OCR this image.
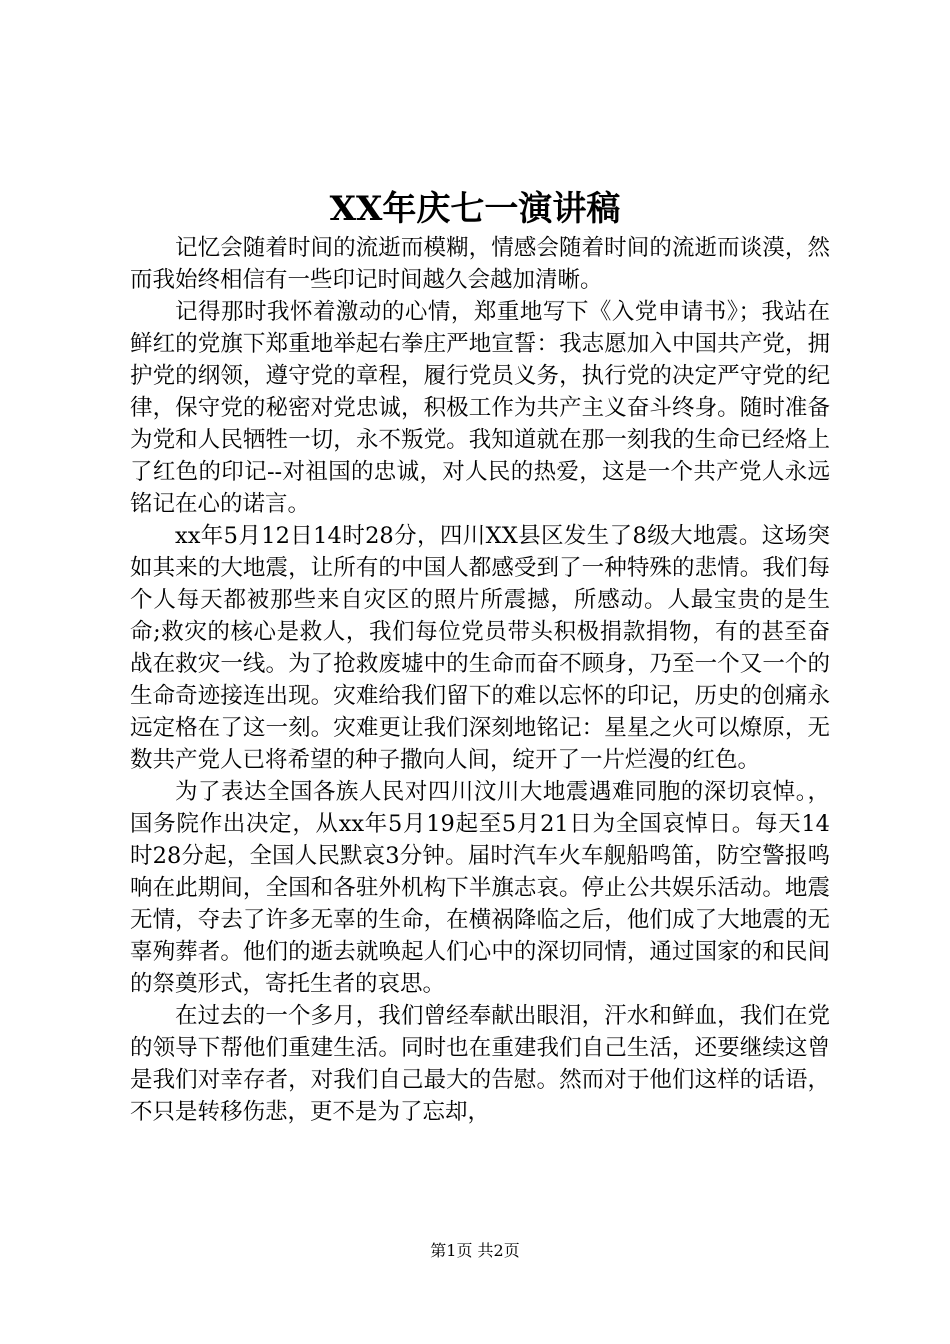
XX年庆七一演讲稿

记忆会随着时间的流逝而模糊，情感会随着时间的流逝而谈漠，然而我始终相信有一些印记时间越久会越加清晰。

记得那时我怀着激动的心情，郑重地写下《入党申请书》；我站在鲜红的党旗下郑重地举起右拳庄严地宣誓：我志愿加入中国共产党，拥护党的纲领，遵守党的章程，履行党员义务，执行党的决定严守党的纪律，保守党的秘密对党忠诚，积极工作为共产主义奋斗终身。随时准备为党和人民牺牲一切，永不叛党。我知道就在那一刻我的生命已经烙上了红色的印记--对祖国的忠诚，对人民的热爱，这是一个共产党人永远铭记在心的诺言。

xx年5月12日14时28分，四川XX县区发生了8级大地震。这场突如其来的大地震，让所有的中国人都感受到了一种特殊的悲情。我们每个人每天都被那些来自灾区的照片所震撼，所感动。人最宝贵的是生命;救灾的核心是救人，我们每位党员带头积极捐款捐物，有的甚至奋战在救灾一线。为了抢救废墟中的生命而奋不顾身，乃至一个又一个的生命奇迹接连出现。灾难给我们留下的难以忘怀的印记，历史的创痛永远定格在了这一刻。灾难更让我们深刻地铭记：星星之火可以燎原，无数共产党人已将希望的种子撒向人间，绽开了一片烂漫的红色。

为了表达全国各族人民对四川汶川大地震遇难同胞的深切哀悼。，国务院作出决定，从xx年5月19起至5月21日为全国哀悼日。每天14时28分起，全国人民默哀3分钟。届时汽车火车舰船鸣笛，防空警报鸣响在此期间，全国和各驻外机构下半旗志哀。停止公共娱乐活动。地震无情，夺去了许多无辜的生命，在横祸降临之后，他们成了大地震的无辜殉葬者。他们的逝去就唤起人们心中的深切同情，通过国家的和民间的祭奠形式，寄托生者的哀思。

在过去的一个多月，我们曾经奉献出眼泪，汗水和鲜血，我们在党的领导下帮他们重建生活。同时也在重建我们自己生活，还要继续这曾是我们对幸存者，对我们自己最大的告慰。然而对于他们这样的话语，不只是转移伤悲，更不是为了忘却，

第1页 共2页
